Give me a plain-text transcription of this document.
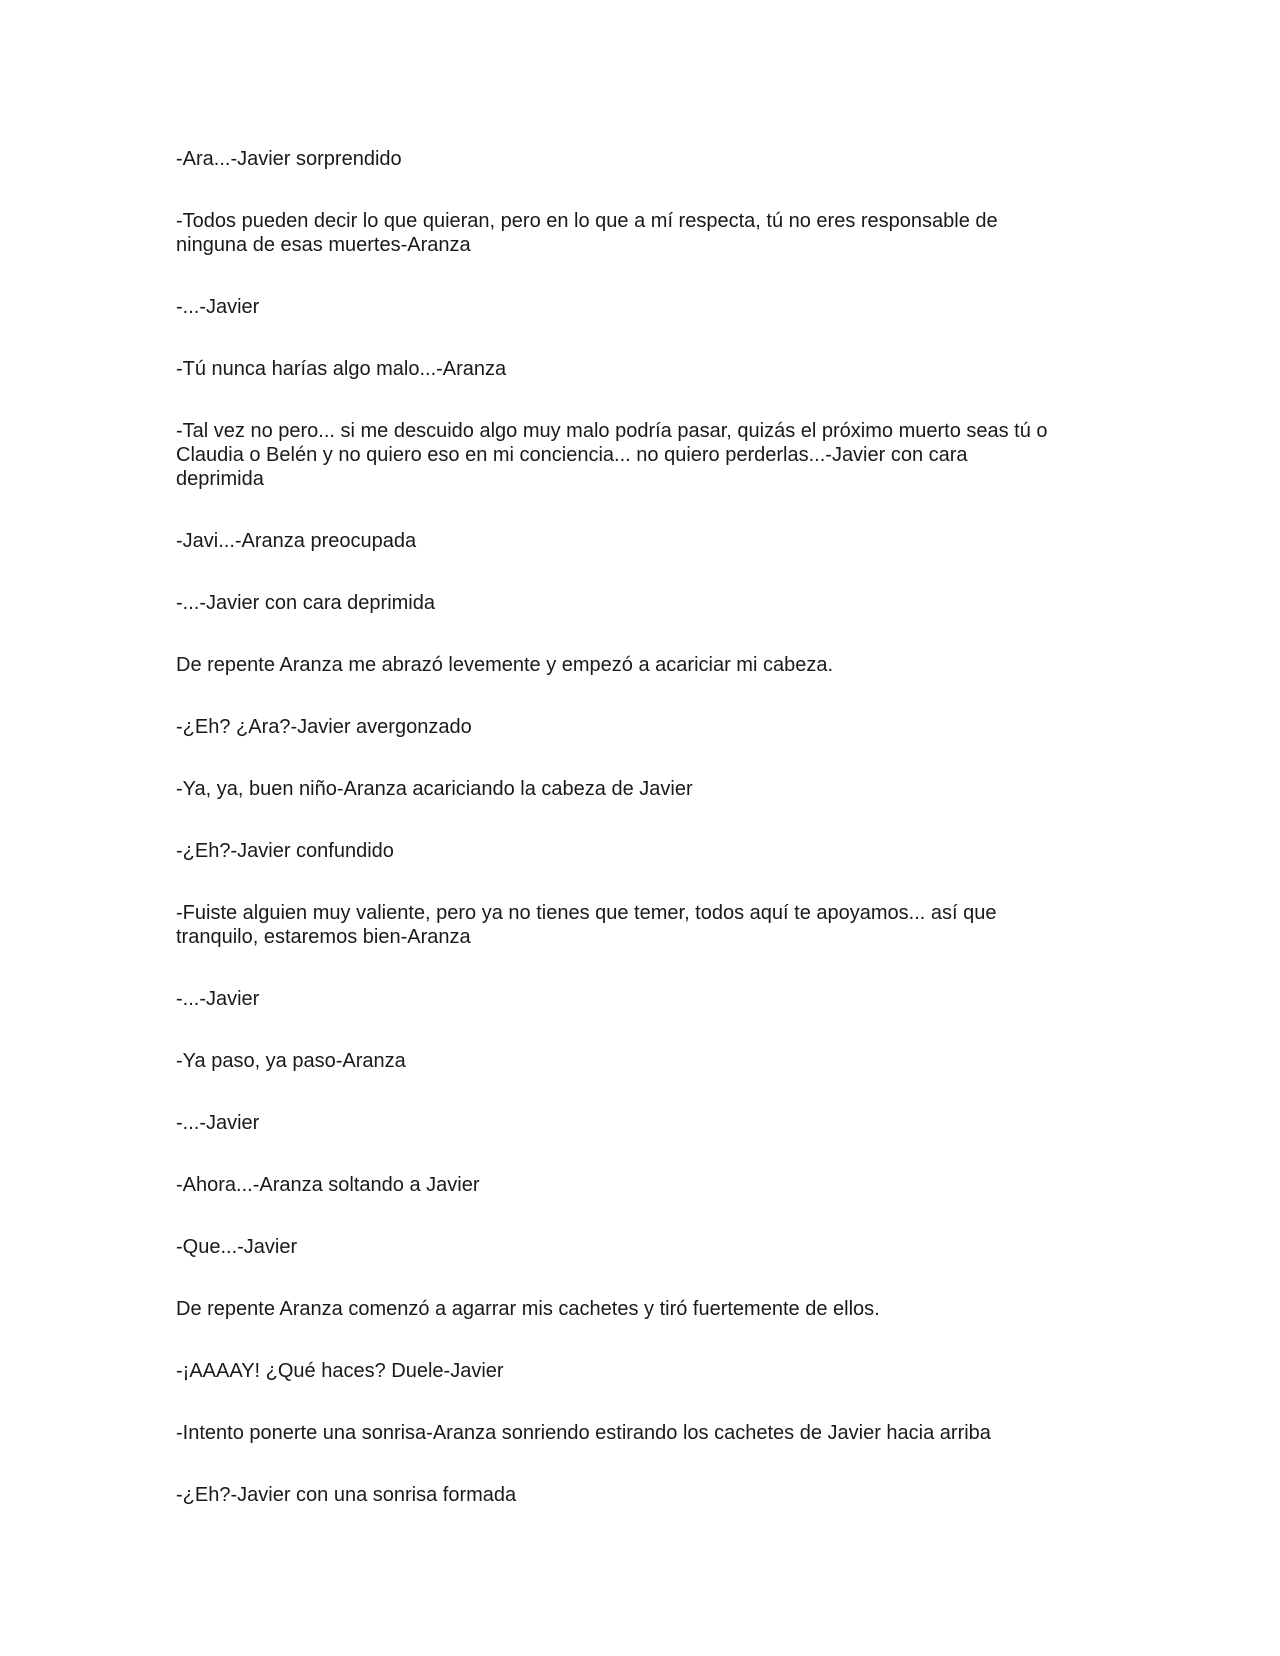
-Ara...-Javier sorprendido

-Todos pueden decir lo que quieran, pero en lo que a mí respecta, tú no eres responsable de
ninguna de esas muertes-Aranza

-...-Javier

-Tú nunca harías algo malo...-Aranza

-Tal vez no pero... si me descuido algo muy malo podría pasar, quizás el próximo muerto seas tú o
Claudia o Belén y no quiero eso en mi conciencia... no quiero perderlas...-Javier con cara
deprimida

-Javi...-Aranza preocupada

-...-Javier con cara deprimida

De repente Aranza me abrazó levemente y empezó a acariciar mi cabeza.

-¿Eh? ¿Ara?-Javier avergonzado

-Ya, ya, buen niño-Aranza acariciando la cabeza de Javier

-¿Eh?-Javier confundido

-Fuiste alguien muy valiente, pero ya no tienes que temer, todos aquí te apoyamos... así que
tranquilo, estaremos bien-Aranza

-...-Javier

-Ya paso, ya paso-Aranza

-...-Javier

-Ahora...-Aranza soltando a Javier

-Que...-Javier

De repente Aranza comenzó a agarrar mis cachetes y tiró fuertemente de ellos.

-¡AAAAY! ¿Qué haces? Duele-Javier

-Intento ponerte una sonrisa-Aranza sonriendo estirando los cachetes de Javier hacia arriba

-¿Eh?-Javier con una sonrisa formada
